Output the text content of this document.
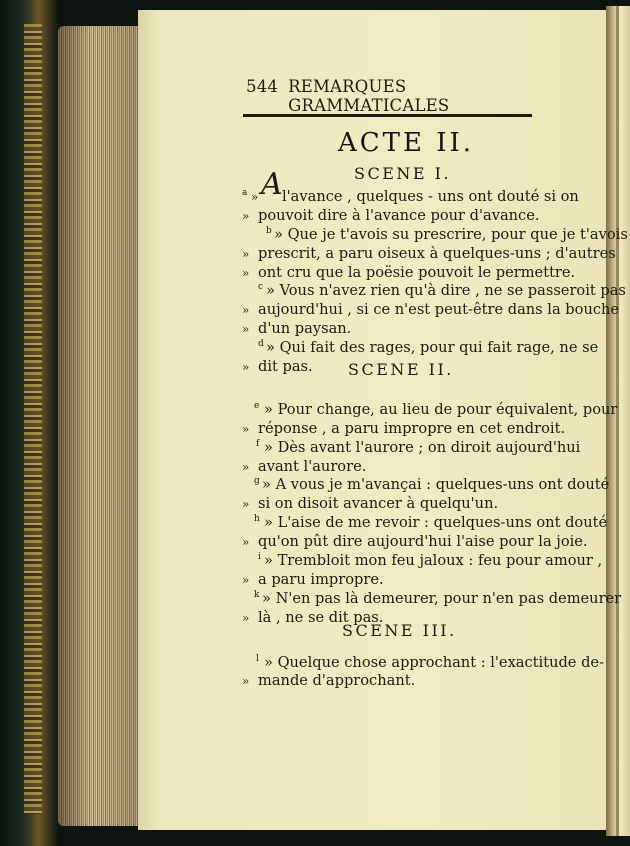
544 REMARQUES GRAMMATICALES
ACTE II.
SCENE I.
a » A l'avance , quelques - uns ont douté si on
» pouvoit dire à l'avance pour d'avance.
b » Que je t'avois su prescrire, pour que je t'avois
» prescrit, a paru oiseux à quelques-uns ; d'autres
» ont cru que la poësie pouvoit le permettre.
c » Vous n'avez rien qu'à dire , ne se passeroit pas
» aujourd'hui , si ce n'est peut-être dans la bouche
» d'un paysan.
d » Qui fait des rages, pour qui fait rage, ne se
» dit pas. SCENE II.
e » Pour change, au lieu de pour équivalent, pour
» réponse , a paru impropre en cet endroit.
f » Dès avant l'aurore ; on diroit aujourd'hui
» avant l'aurore.
g » A vous je m'avançai : quelques-uns ont douté
» si on disoit avancer à quelqu'un.
h » L'aise de me revoir : quelques-uns ont douté
» qu'on pût dire aujourd'hui l'aise pour la joie.
i » Trembloit mon feu jaloux : feu pour amour ,
» a paru impropre.
k » N'en pas là demeurer, pour n'en pas demeurer
» là , ne se dit pas.
SCENE III.
l » Quelque chose approchant : l'exactitude de-
» mande d'approchant.
